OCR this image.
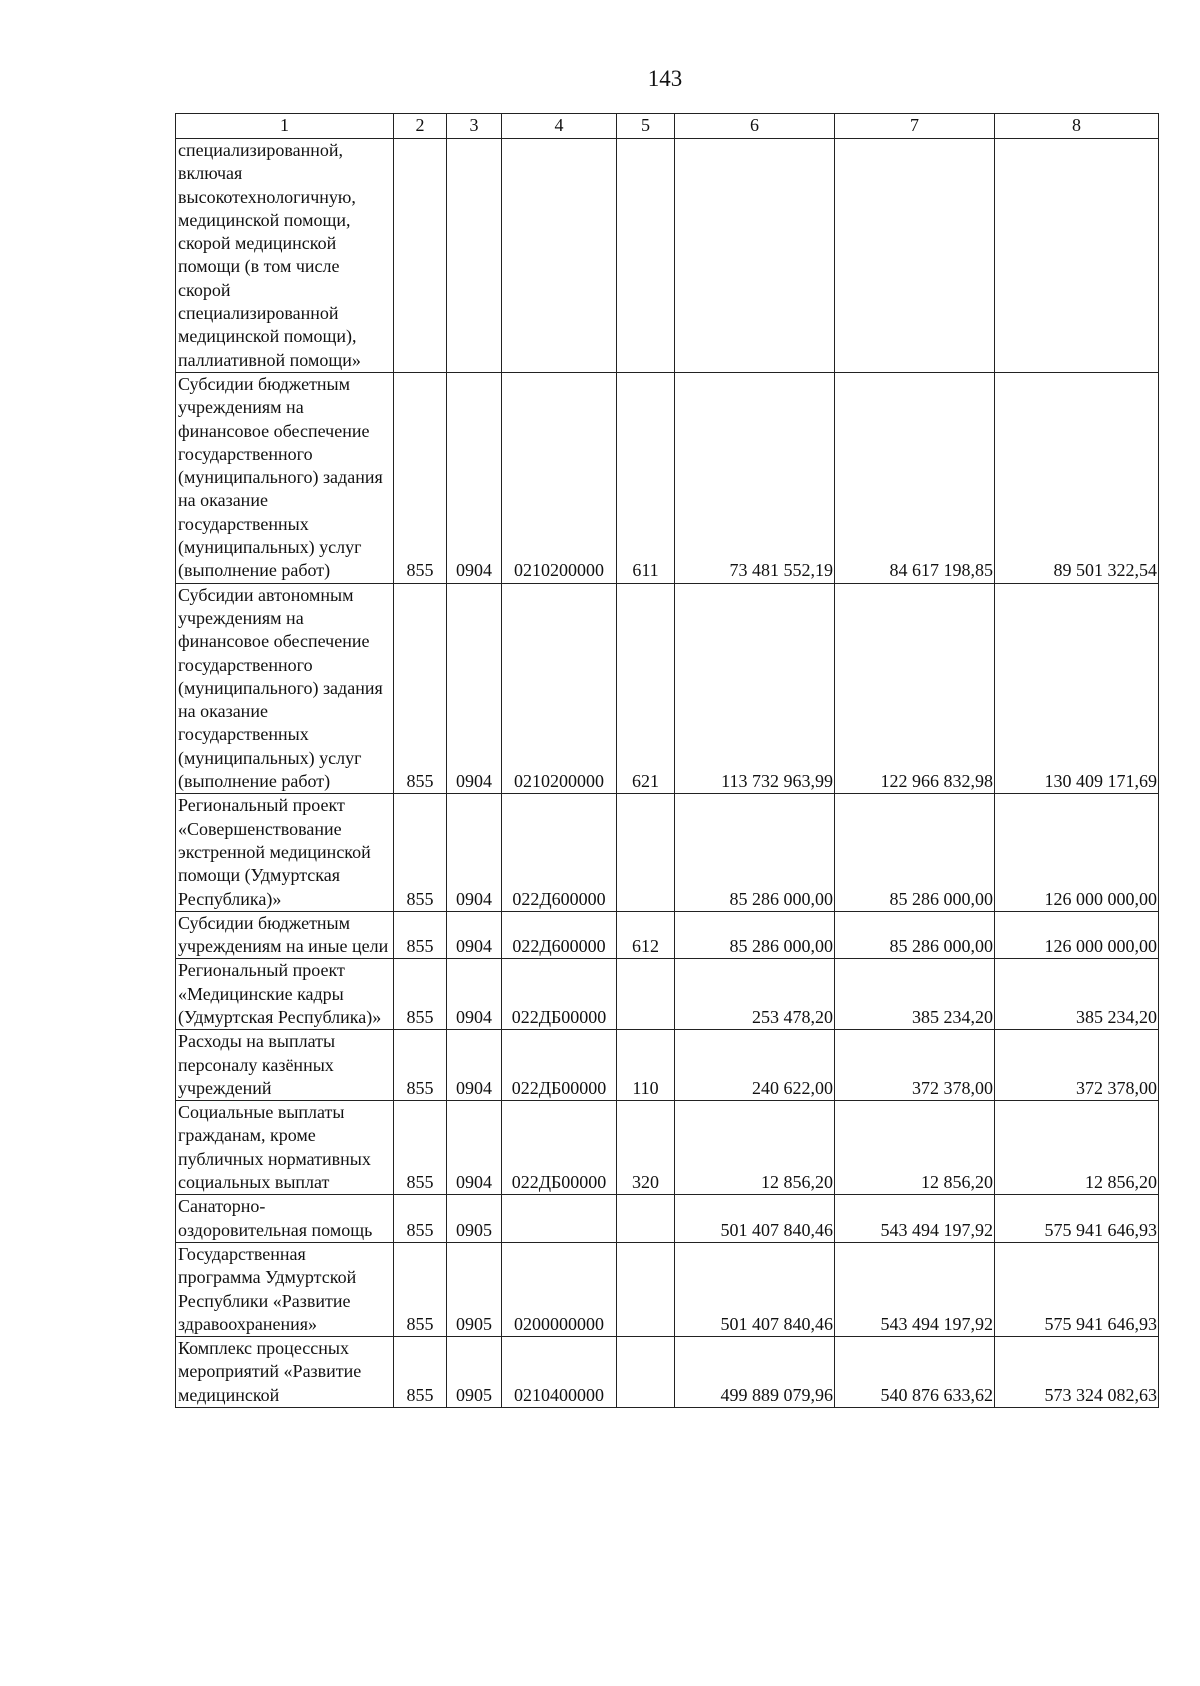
143
1	2	3	4	5	6	7	8
специализированной, включая высокотехнологичную, медицинской помощи, скорой медицинской помощи (в том числе скорой специализированной медицинской помощи), паллиативной помощи»							
Субсидии бюджетным учреждениям на финансовое обеспечение государственного (муниципального) задания на оказание государственных (муниципальных) услуг (выполнение работ)	855	0904	0210200000	611	73 481 552,19	84 617 198,85	89 501 322,54
Субсидии автономным учреждениям на финансовое обеспечение государственного (муниципального) задания на оказание государственных (муниципальных) услуг (выполнение работ)	855	0904	0210200000	621	113 732 963,99	122 966 832,98	130 409 171,69
Региональный проект «Совершенствование экстренной медицинской помощи (Удмуртская Республика)»	855	0904	022Д600000		85 286 000,00	85 286 000,00	126 000 000,00
Субсидии бюджетным учреждениям на иные цели	855	0904	022Д600000	612	85 286 000,00	85 286 000,00	126 000 000,00
Региональный проект «Медицинские кадры (Удмуртская Республика)»	855	0904	022ДБ00000		253 478,20	385 234,20	385 234,20
Расходы на выплаты персоналу казённых учреждений	855	0904	022ДБ00000	110	240 622,00	372 378,00	372 378,00
Социальные выплаты гражданам, кроме публичных нормативных социальных выплат	855	0904	022ДБ00000	320	12 856,20	12 856,20	12 856,20
Санаторно-оздоровительная помощь	855	0905			501 407 840,46	543 494 197,92	575 941 646,93
Государственная программа Удмуртской Республики «Развитие здравоохранения»	855	0905	0200000000		501 407 840,46	543 494 197,92	575 941 646,93
Комплекс процессных мероприятий «Развитие медицинской	855	0905	0210400000		499 889 079,96	540 876 633,62	573 324 082,63
